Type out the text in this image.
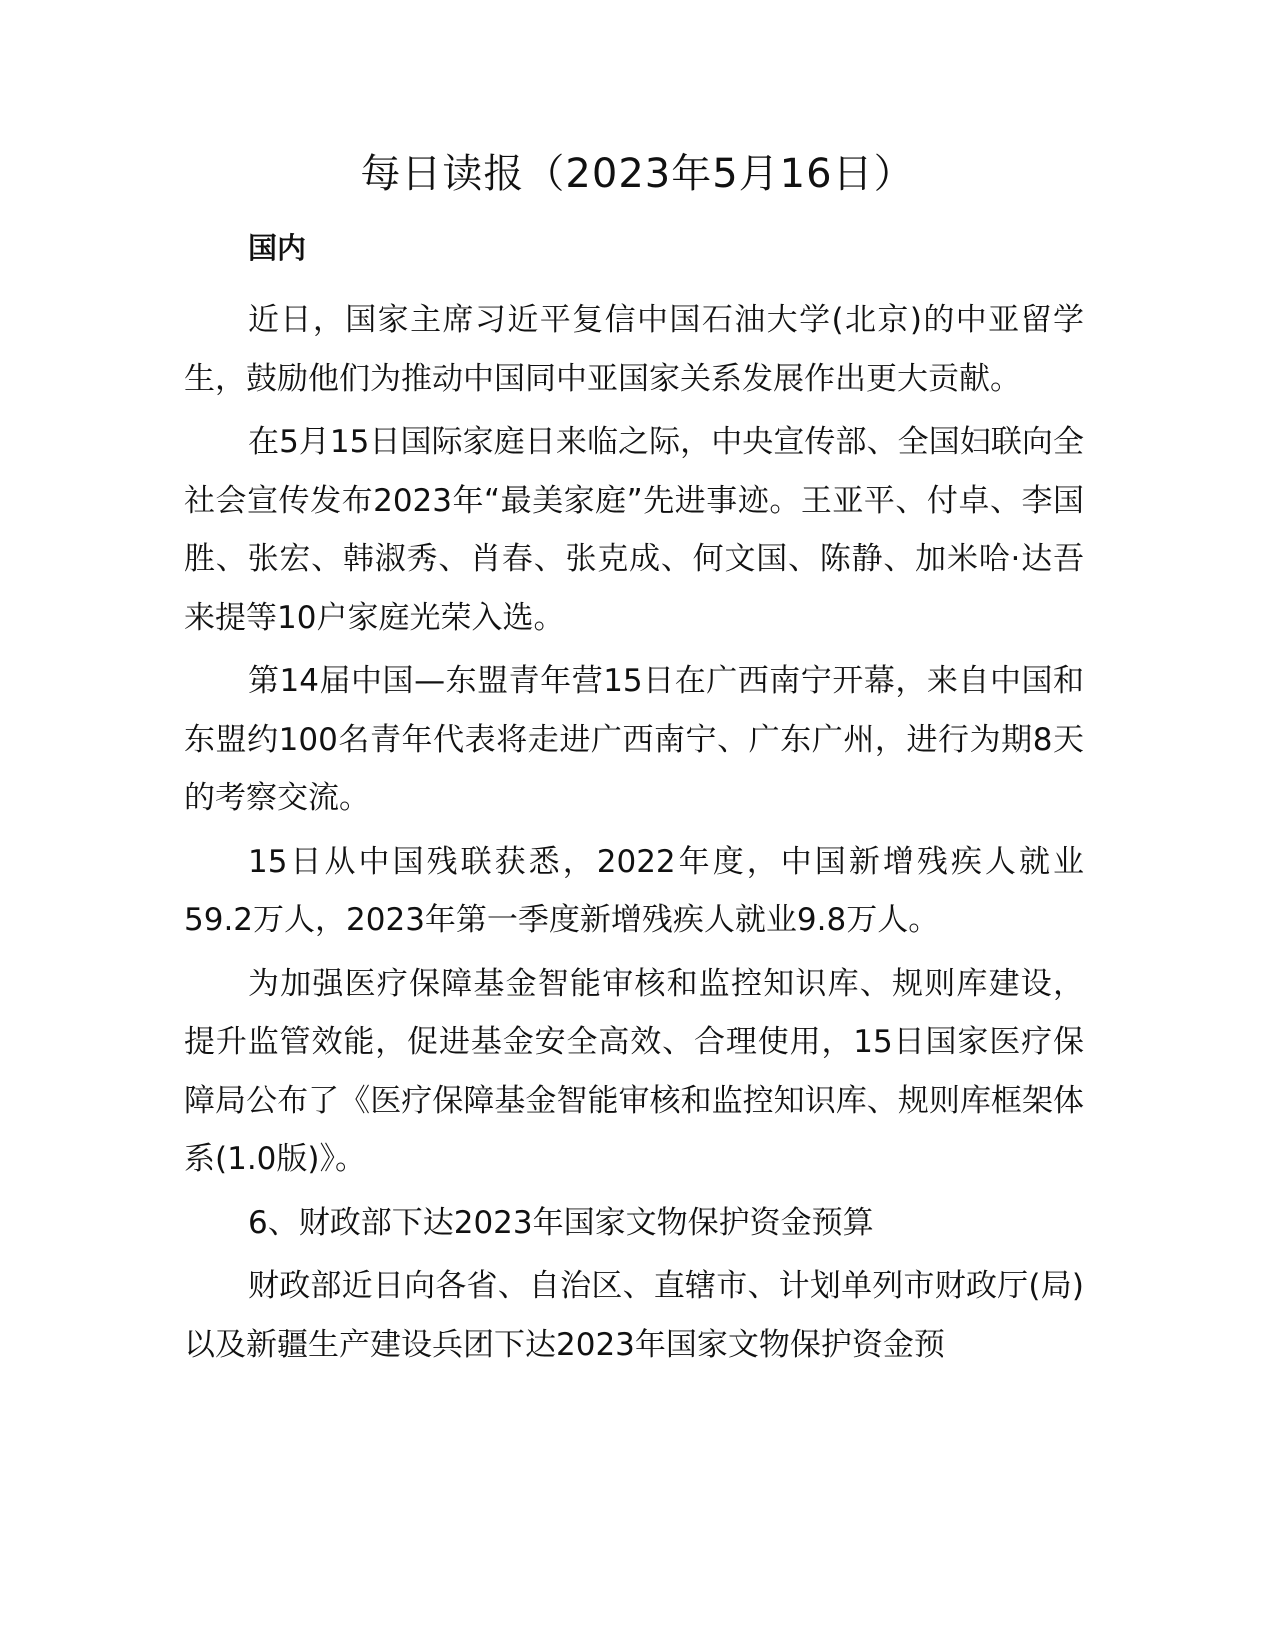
每日读报（2023年5月16日）
国内

近日，国家主席习近平复信中国石油大学(北京)的中亚留学生，鼓励他们为推动中国同中亚国家关系发展作出更大贡献。

在5月15日国际家庭日来临之际，中央宣传部、全国妇联向全社会宣传发布2023年“最美家庭”先进事迹。王亚平、付卓、李国胜、张宏、韩淑秀、肖春、张克成、何文国、陈静、加米哈·达吾来提等10户家庭光荣入选。

第14届中国—东盟青年营15日在广西南宁开幕，来自中国和东盟约100名青年代表将走进广西南宁、广东广州，进行为期8天的考察交流。

15日从中国残联获悉，2022年度，中国新增残疾人就业59.2万人，2023年第一季度新增残疾人就业9.8万人。

为加强医疗保障基金智能审核和监控知识库、规则库建设，提升监管效能，促进基金安全高效、合理使用，15日国家医疗保障局公布了《医疗保障基金智能审核和监控知识库、规则库框架体系(1.0版)》。

6、财政部下达2023年国家文物保护资金预算

财政部近日向各省、自治区、直辖市、计划单列市财政厅(局)以及新疆生产建设兵团下达2023年国家文物保护资金预
